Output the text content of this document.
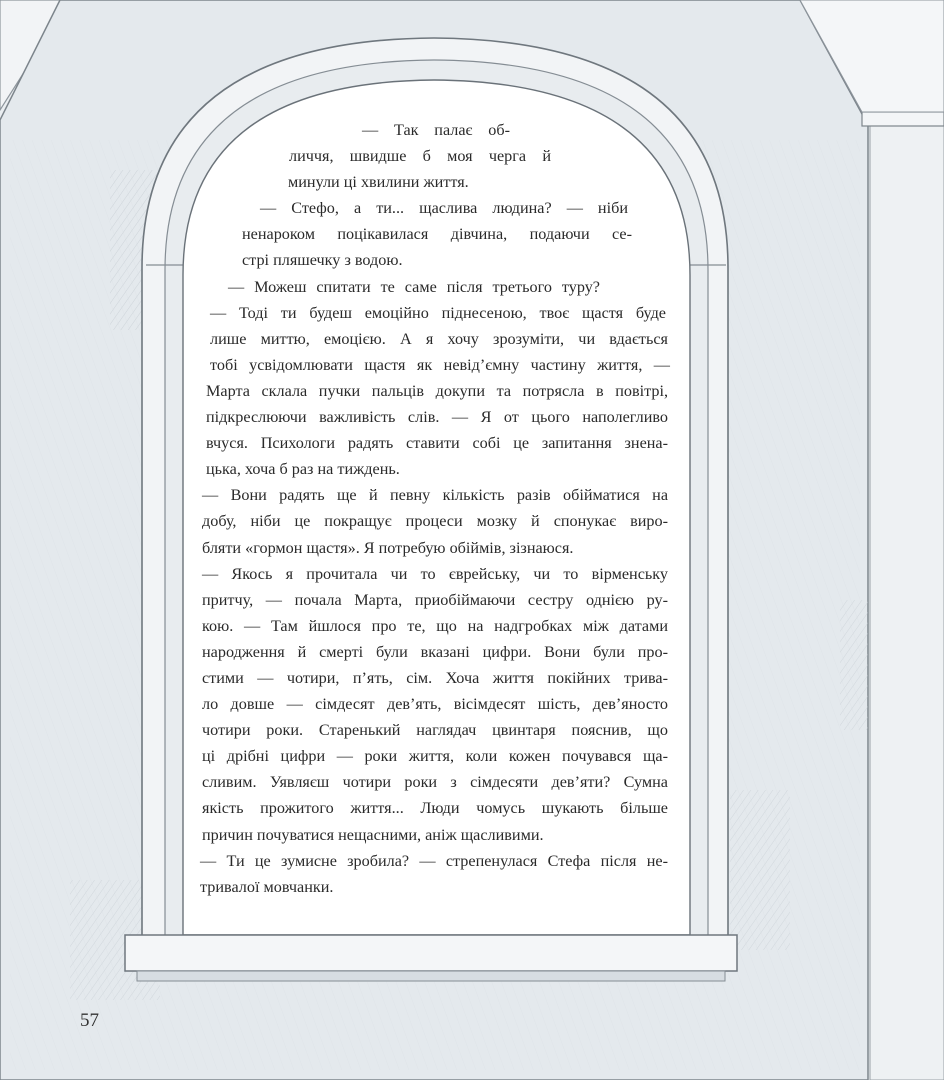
— Так палає об-
личчя, швидше б моя черга й
минули ці хвилини життя.
— Стефо, а ти... щаслива людина? — ніби
ненароком поцікавилася дівчина, подаючи се-
стрі пляшечку з водою.
— Можеш спитати те саме після третього туру?
— Тоді ти будеш емоційно піднесеною, твоє щастя буде
лише миттю, емоцією. А я хочу зрозуміти, чи вдається
тобі усвідомлювати щастя як невід’ємну частину життя, —
Марта склала пучки пальців докупи та потрясла в повітрі,
підкреслюючи важливість слів. — Я от цього наполегливо
вчуся. Психологи радять ставити собі це запитання знена-
цька, хоча б раз на тиждень.
— Вони радять ще й певну кількість разів обійматися на
добу, ніби це покращує процеси мозку й спонукає виро-
бляти «гормон щастя». Я потребую обіймів, зізнаюся.
— Якось я прочитала чи то єврейську, чи то вірменську
притчу, — почала Марта, приобіймаючи сестру однією ру-
кою. — Там йшлося про те, що на надгробках між датами
народження й смерті були вказані цифри. Вони були про-
стими — чотири, п’ять, сім. Хоча життя покійних трива-
ло довше — сімдесят дев’ять, вісімдесят шість, дев’яносто
чотири роки. Старенький наглядач цвинтаря пояснив, що
ці дрібні цифри — роки життя, коли кожен почувався ща-
сливим. Уявляєш чотири роки з сімдесяти дев’яти? Сумна
якість прожитого життя... Люди чомусь шукають більше
причин почуватися нещасними, аніж щасливими.
— Ти це зумисне зробила? — стрепенулася Стефа після не-
тривалої мовчанки.
57
